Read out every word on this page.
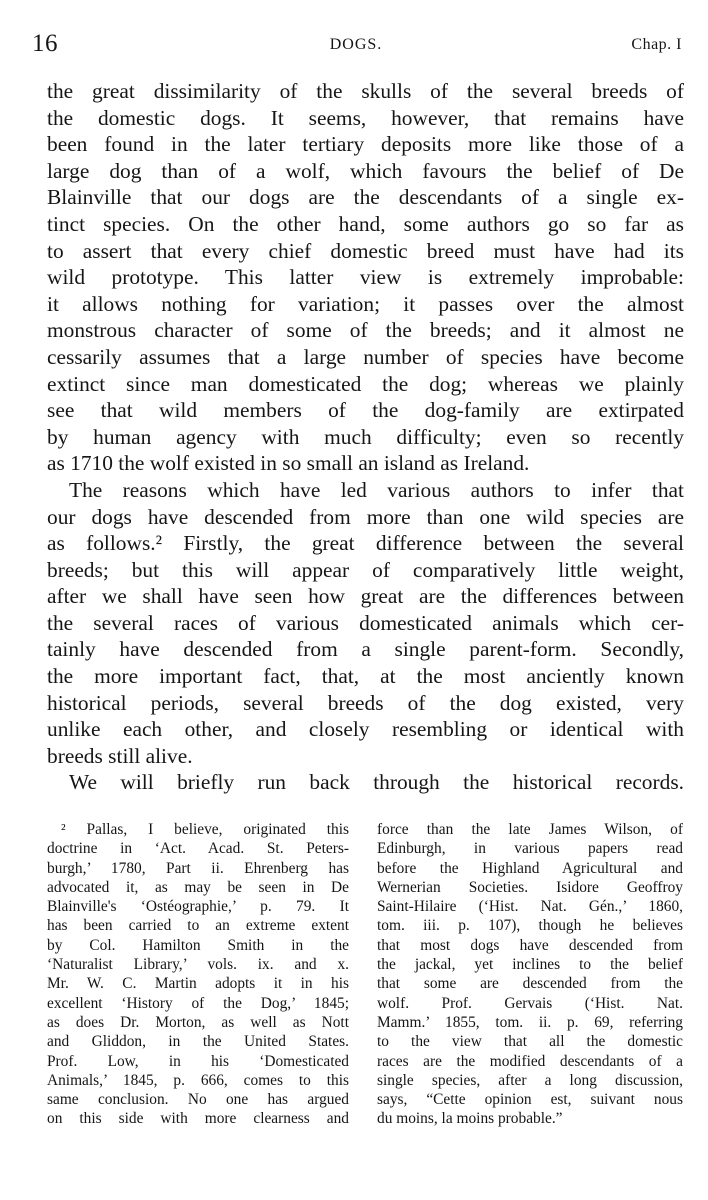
16	DOGS.	Chap. I
the great dissimilarity of the skulls of the several breeds of
the domestic dogs. It seems, however, that remains have
been found in the later tertiary deposits more like those of a
large dog than of a wolf, which favours the belief of De
Blainville that our dogs are the descendants of a single ex-
tinct species. On the other hand, some authors go so far as
to assert that every chief domestic breed must have had its
wild prototype. This latter view is extremely improbable:
it allows nothing for variation; it passes over the almost
monstrous character of some of the breeds; and it almost ne
cessarily assumes that a large number of species have become
extinct since man domesticated the dog; whereas we plainly
see that wild members of the dog-family are extirpated
by human agency with much difficulty; even so recently
as 1710 the wolf existed in so small an island as Ireland.
The reasons which have led various authors to infer that
our dogs have descended from more than one wild species are
as follows.² Firstly, the great difference between the several
breeds; but this will appear of comparatively little weight,
after we shall have seen how great are the differences between
the several races of various domesticated animals which cer-
tainly have descended from a single parent-form. Secondly,
the more important fact, that, at the most anciently known
historical periods, several breeds of the dog existed, very
unlike each other, and closely resembling or identical with
breeds still alive.
We will briefly run back through the historical records.
² Pallas, I believe, originated this
doctrine in ‘Act. Acad. St. Peters-
burgh,’ 1780, Part ii. Ehrenberg has
advocated it, as may be seen in De
Blainville's ‘Ostéographie,’ p. 79. It
has been carried to an extreme extent
by Col. Hamilton Smith in the
‘Naturalist Library,’ vols. ix. and x.
Mr. W. C. Martin adopts it in his
excellent ‘History of the Dog,’ 1845;
as does Dr. Morton, as well as Nott
and Gliddon, in the United States.
Prof. Low, in his ‘Domesticated
Animals,’ 1845, p. 666, comes to this
same conclusion. No one has argued
on this side with more clearness and
force than the late James Wilson, of
Edinburgh, in various papers read
before the Highland Agricultural and
Wernerian Societies. Isidore Geoffroy
Saint-Hilaire (‘Hist. Nat. Gén.,’ 1860,
tom. iii. p. 107), though he believes
that most dogs have descended from
the jackal, yet inclines to the belief
that some are descended from the
wolf. Prof. Gervais (‘Hist. Nat.
Mamm.’ 1855, tom. ii. p. 69, referring
to the view that all the domestic
races are the modified descendants of a
single species, after a long discussion,
says, “Cette opinion est, suivant nous
du moins, la moins probable.”
